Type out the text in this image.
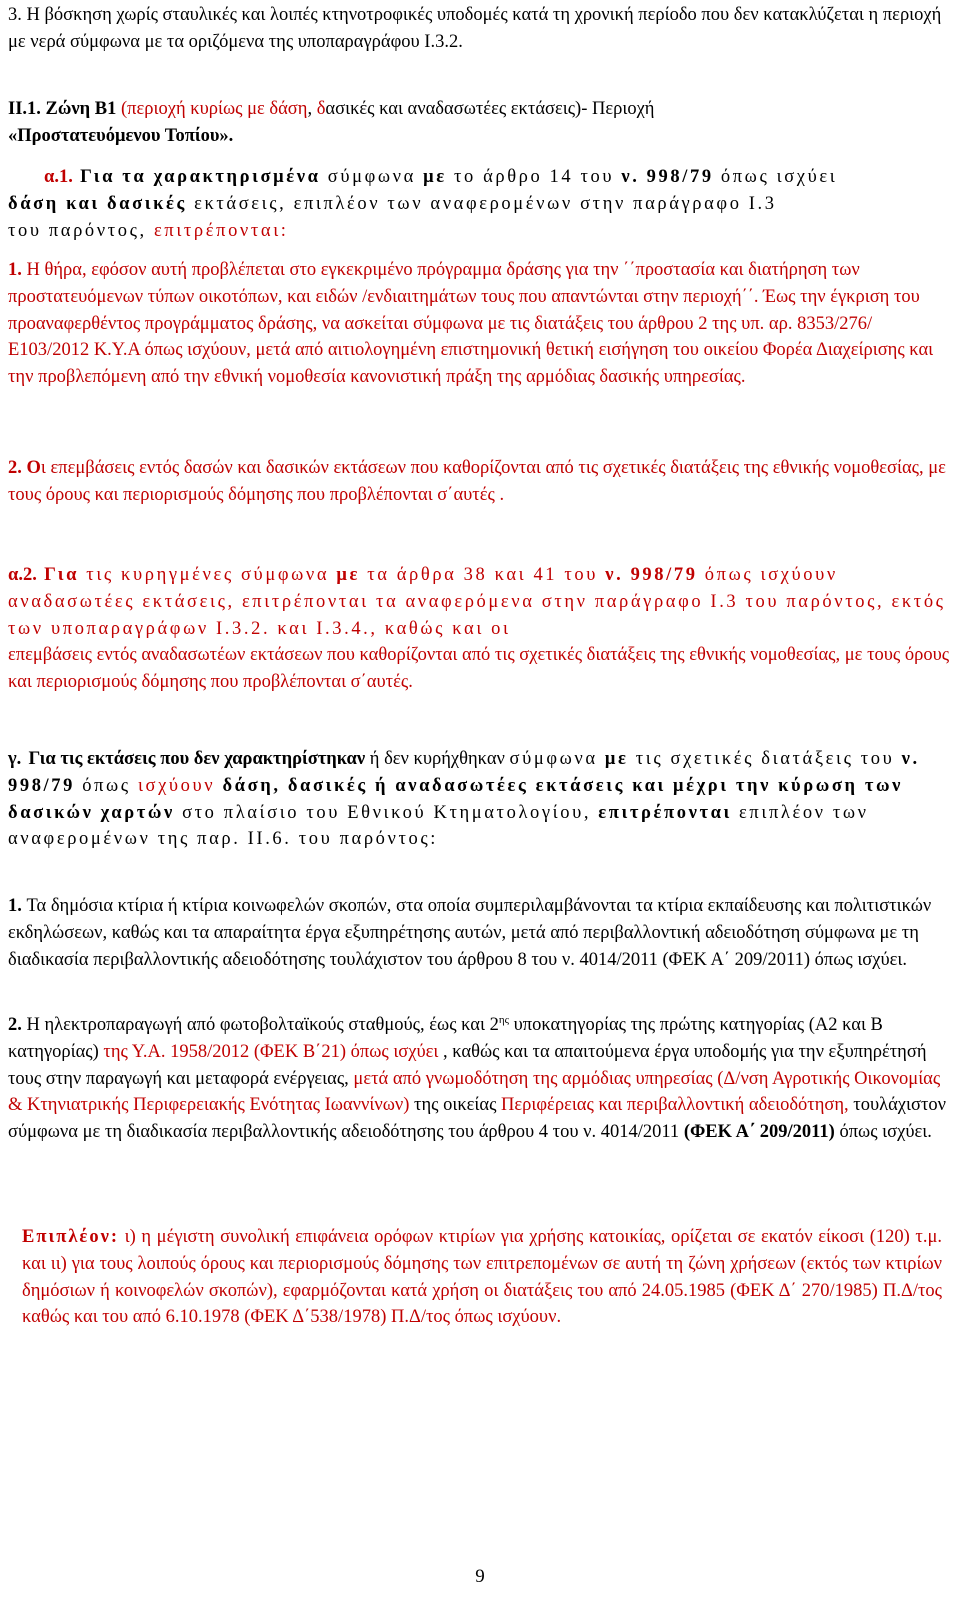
3. Η βόσκηση χωρίς σταυλικές και λοιπές κτηνοτροφικές υποδομές κατά τη χρονική περίοδο που δεν κατακλύζεται η περιοχή με νερά σύμφωνα με τα οριζόμενα της υποπαραγράφου Ι.3.2.

ΙΙ.1. Ζώνη Β1 (περιοχή κυρίως με δάση, δασικές και αναδασωτέες εκτάσεις)- Περιοχή
«Προστατευόμενου Τοπίου».

α.1. Για τα χαρακτηρισμένα σύμφωνα με το άρθρο 14 του ν. 998/79 όπως ισχύει
δάση και δασικές εκτάσεις, επιπλέον των αναφερομένων στην παράγραφο Ι.3
του παρόντος, επιτρέπονται:

1. Η θήρα, εφόσον αυτή προβλέπεται στο εγκεκριμένο πρόγραμμα δράσης για την ΄΄προστασία και διατήρηση των προστατευόμενων τύπων οικοτόπων, και ειδών /ενδιαιτημάτων τους που απαντώνται στην περιοχή΄΄. Έως την έγκριση του προαναφερθέντος προγράμματος δράσης, να ασκείται σύμφωνα με τις διατάξεις του άρθρου 2 της υπ. αρ. 8353/276/Ε103/2012 Κ.Υ.Α όπως ισχύουν, μετά από αιτιολογημένη επιστημονική θετική εισήγηση του οικείου Φορέα Διαχείρισης και την προβλεπόμενη από την εθνική νομοθεσία κανονιστική πράξη της αρμόδιας δασικής υπηρεσίας.

2. Οι επεμβάσεις εντός δασών και δασικών εκτάσεων που καθορίζονται από τις σχετικές διατάξεις της εθνικής νομοθεσίας, με τους όρους και περιορισμούς δόμησης που προβλέπονται σ΄αυτές .

α.2. Για τις κυρηγμένες σύμφωνα με τα άρθρα 38 και 41 του ν. 998/79 όπως ισχύουν αναδασωτέες εκτάσεις, επιτρέπονται τα αναφερόμενα στην παράγραφο Ι.3 του παρόντος, εκτός των υποπαραγράφων Ι.3.2. και Ι.3.4., καθώς και οι
επεμβάσεις εντός αναδασωτέων εκτάσεων που καθορίζονται από τις σχετικές διατάξεις της εθνικής νομοθεσίας, με τους όρους και περιορισμούς δόμησης που προβλέπονται σ΄αυτές.

γ. Για τις εκτάσεις που δεν χαρακτηρίστηκαν ή δεν κυρήχθηκαν σύμφωνα με τις σχετικές διατάξεις του ν. 998/79 όπως ισχύουν δάση, δασικές ή αναδασωτέες εκτάσεις και μέχρι την κύρωση των δασικών χαρτών στο πλαίσιο του Εθνικού Κτηματολογίου, επιτρέπονται επιπλέον των αναφερομένων της παρ. ΙΙ.6. του παρόντος:

1. Τα δημόσια κτίρια ή κτίρια κοινωφελών σκοπών, στα οποία συμπεριλαμβάνονται τα κτίρια εκπαίδευσης και πολιτιστικών εκδηλώσεων, καθώς και τα απαραίτητα έργα εξυπηρέτησης αυτών, μετά από περιβαλλοντική αδειοδότηση σύμφωνα με τη διαδικασία περιβαλλοντικής αδειοδότησης τουλάχιστον του άρθρου 8 του ν. 4014/2011 (ΦΕΚ Α΄ 209/2011) όπως ισχύει.

2. Η ηλεκτροπαραγωγή από φωτοβολταϊκούς σταθμούς, έως και $2^{\eta\varsigma}$ υποκατηγορίας της πρώτης κατηγορίας (Α2 και Β κατηγορίας) της Υ.Α. 1958/2012 (ΦΕΚ Β΄21) όπως ισχύει , καθώς και τα απαιτούμενα έργα υποδομής για την εξυπηρέτησή τους στην παραγωγή και μεταφορά ενέργειας, μετά από γνωμοδότηση της αρμόδιας υπηρεσίας (Δ/νση Αγροτικής Οικονομίας & Κτηνιατρικής Περιφερειακής Ενότητας Ιωαννίνων) της οικείας Περιφέρειας και περιβαλλοντική αδειοδότηση, τουλάχιστον σύμφωνα με τη διαδικασία περιβαλλοντικής αδειοδότησης του άρθρου 4 του ν. 4014/2011 (ΦΕΚ Α΄ 209/2011) όπως ισχύει.

Επιπλέον: ι) η μέγιστη συνολική επιφάνεια ορόφων κτιρίων για χρήσης κατοικίας, ορίζεται σε εκατόν είκοσι (120) τ.μ. και ιι) για τους λοιπούς όρους και περιορισμούς δόμησης των επιτρεπομένων σε αυτή τη ζώνη χρήσεων (εκτός των κτιρίων δημόσιων ή κοινοφελών σκοπών), εφαρμόζονται κατά χρήση οι διατάξεις του από 24.05.1985 (ΦΕΚ Δ΄ 270/1985) Π.Δ/τος καθώς και του από 6.10.1978 (ΦΕΚ Δ΄538/1978) Π.Δ/τος όπως ισχύουν.

9
